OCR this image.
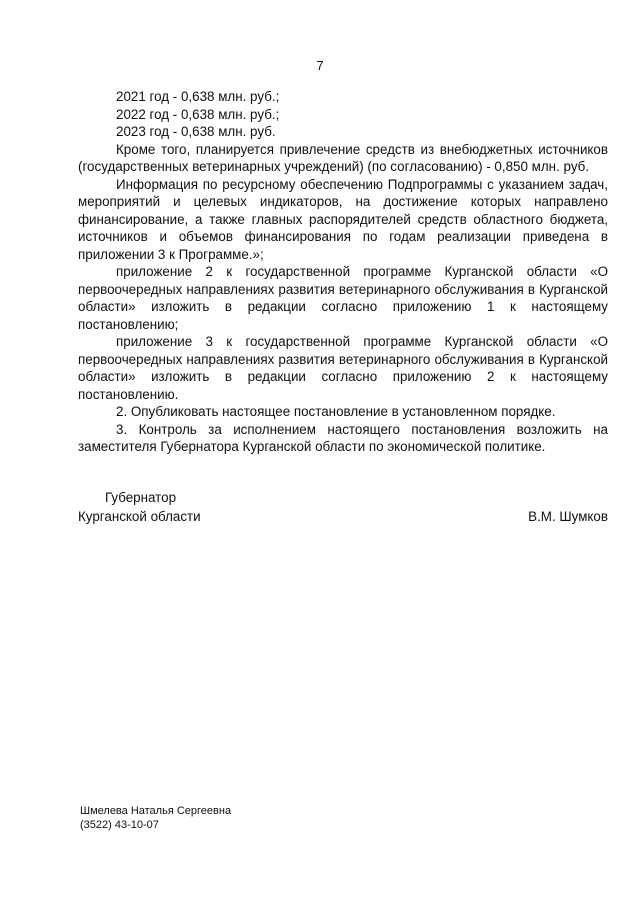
7

2021 год - 0,638 млн. руб.;

2022 год - 0,638 млн. руб.;

2023 год - 0,638 млн. руб.

Кроме того, планируется привлечение средств из внебюджетных источников (государственных ветеринарных учреждений) (по согласованию) - 0,850 млн. руб.

Информация по ресурсному обеспечению Подпрограммы с указанием задач, мероприятий и целевых индикаторов, на достижение которых направлено финансирование, а также главных распорядителей средств областного бюджета, источников и объемов финансирования по годам реализации приведена в приложении 3 к Программе.»;

приложение 2 к государственной программе Курганской области «О первоочередных направлениях развития ветеринарного обслуживания в Курганской области» изложить в редакции согласно приложению 1 к настоящему постановлению;

приложение 3 к государственной программе Курганской области «О первоочередных направлениях развития ветеринарного обслуживания в Курганской области» изложить в редакции согласно приложению 2 к настоящему постановлению.

2. Опубликовать настоящее постановление в установленном порядке.

3. Контроль за исполнением настоящего постановления возложить на заместителя Губернатора Курганской области по экономической политике.

Губернатор
Курганской области	В.М. Шумков
Шмелева Наталья Сергеевна
(3522) 43-10-07
